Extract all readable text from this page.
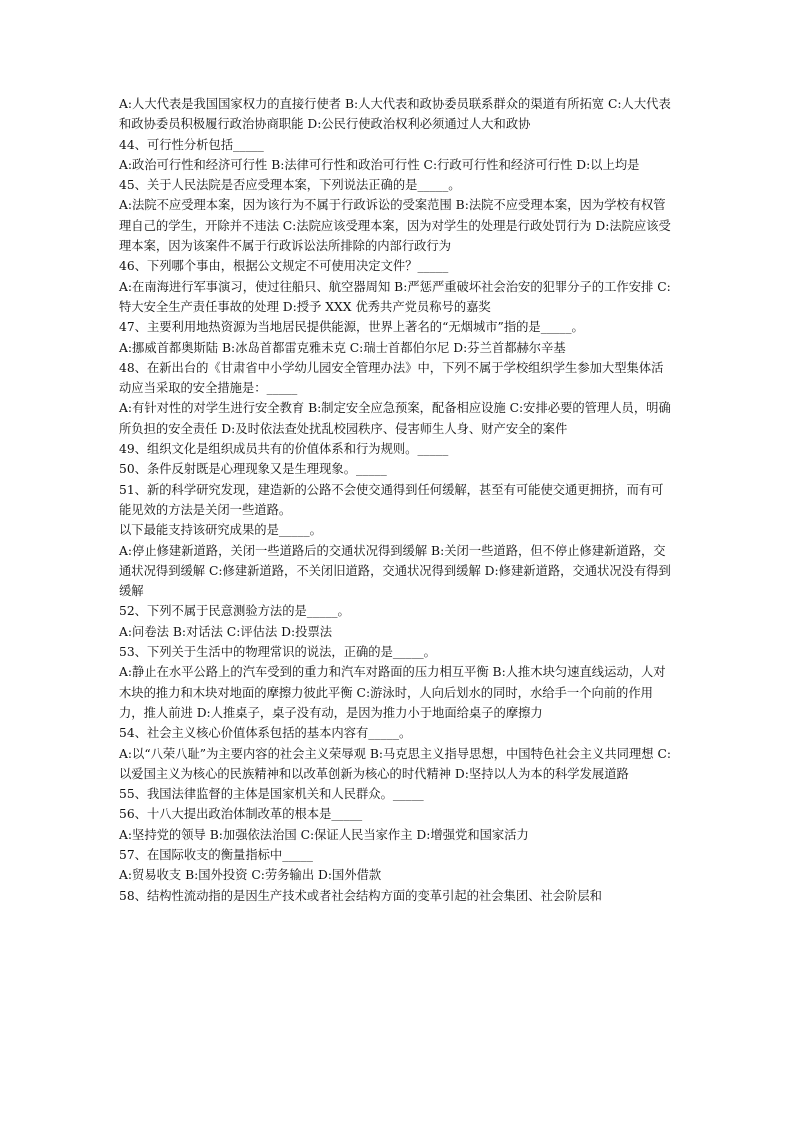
A:人大代表是我国国家权力的直接行使者 B:人大代表和政协委员联系群众的渠道有所拓宽 C:人大代表和政协委员积极履行政治协商职能 D:公民行使政治权利必须通过人大和政协

44、可行性分析包括_____

A:政治可行性和经济可行性 B:法律可行性和政治可行性 C:行政可行性和经济可行性 D:以上均是

45、关于人民法院是否应受理本案，下列说法正确的是_____。

A:法院不应受理本案，因为该行为不属于行政诉讼的受案范围 B:法院不应受理本案，因为学校有权管理自己的学生，开除并不违法 C:法院应该受理本案，因为对学生的处理是行政处罚行为 D:法院应该受理本案，因为该案件不属于行政诉讼法所排除的内部行政行为

46、下列哪个事由，根据公文规定不可使用决定文件？_____

A:在南海进行军事演习，使过往船只、航空器周知 B:严惩严重破坏社会治安的犯罪分子的工作安排 C:特大安全生产责任事故的处理 D:授予 XXX 优秀共产党员称号的嘉奖

47、主要利用地热资源为当地居民提供能源，世界上著名的“无烟城市”指的是_____。

A:挪威首都奥斯陆 B:冰岛首都雷克雅未克 C:瑞士首都伯尔尼 D:芬兰首都赫尔辛基

48、在新出台的《甘肃省中小学幼儿园安全管理办法》中，下列不属于学校组织学生参加大型集体活动应当采取的安全措施是：_____

A:有针对性的对学生进行安全教育 B:制定安全应急预案，配备相应设施 C:安排必要的管理人员，明确所负担的安全责任 D:及时依法查处扰乱校园秩序、侵害师生人身、财产安全的案件

49、组织文化是组织成员共有的价值体系和行为规则。_____

50、条件反射既是心理现象又是生理现象。_____

51、新的科学研究发现，建造新的公路不会使交通得到任何缓解，甚至有可能使交通更拥挤，而有可能见效的方法是关闭一些道路。

以下最能支持该研究成果的是_____。

A:停止修建新道路，关闭一些道路后的交通状况得到缓解 B:关闭一些道路，但不停止修建新道路，交通状况得到缓解 C:修建新道路，不关闭旧道路，交通状况得到缓解 D:修建新道路，交通状况没有得到缓解

52、下列不属于民意测验方法的是_____。

A:问卷法 B:对话法 C:评估法 D:投票法

53、下列关于生活中的物理常识的说法，正确的是_____。

A:静止在水平公路上的汽车受到的重力和汽车对路面的压力相互平衡 B:人推木块匀速直线运动，人对木块的推力和木块对地面的摩擦力彼此平衡 C:游泳时，人向后划水的同时，水给手一个向前的作用力，推人前进 D:人推桌子，桌子没有动，是因为推力小于地面给桌子的摩擦力

54、社会主义核心价值体系包括的基本内容有_____。

A:以“八荣八耻”为主要内容的社会主义荣辱观 B:马克思主义指导思想，中国特色社会主义共同理想 C:以爱国主义为核心的民族精神和以改革创新为核心的时代精神 D:坚持以人为本的科学发展道路

55、我国法律监督的主体是国家机关和人民群众。_____

56、十八大提出政治体制改革的根本是_____

A:坚持党的领导 B:加强依法治国 C:保证人民当家作主 D:增强党和国家活力

57、在国际收支的衡量指标中_____

A:贸易收支 B:国外投资 C:劳务输出 D:国外借款

58、结构性流动指的是因生产技术或者社会结构方面的变革引起的社会集团、社会阶层和
